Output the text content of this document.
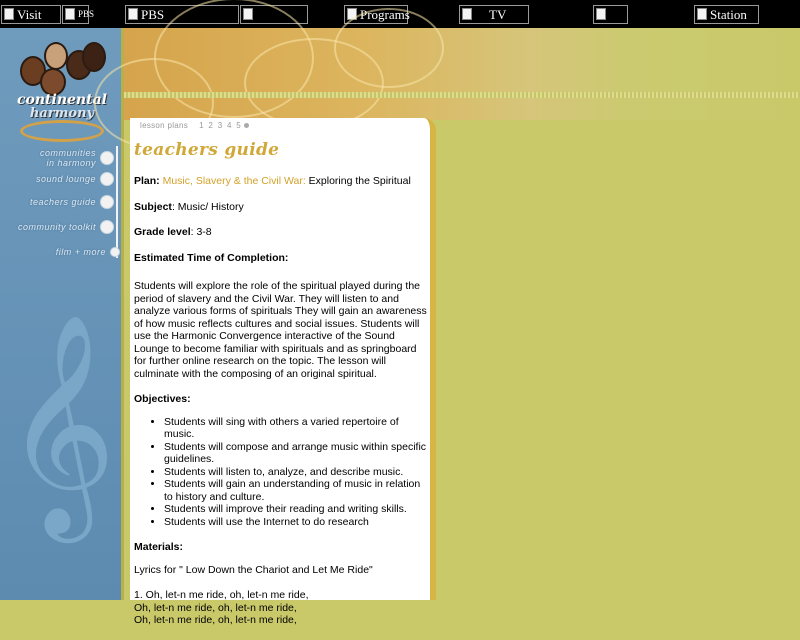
Visit	PBS	PBS	Programs	TV	Station
𝄞
continental
harmony
communities
in harmony
sound lounge
teachers guide
community toolkit
film + more
lesson plans 1 2 3 4 5
teachers guide

Plan: Music, Slavery & the Civil War: Exploring the Spiritual

Subject: Music/ History

Grade level: 3-8

Estimated Time of Completion:

Students will explore the role of the spiritual played during the period of slavery and the Civil War. They will listen to and analyze various forms of spirituals They will gain an awareness of how music reflects cultures and social issues. Students will use the Harmonic Convergence interactive of the Sound Lounge to become familiar with spirituals and as springboard for further online research on the topic. The lesson will culminate with the composing of an original spiritual.

Objectives:

• Students will sing with others a varied repertoire of music.
• Students will compose and arrange music within specific guidelines.
• Students will listen to, analyze, and describe music.
• Students will gain an understanding of music in relation to history and culture.
• Students will improve their reading and writing skills.
• Students will use the Internet to do research

Materials:

Lyrics for " Low Down the Chariot and Let Me Ride"

1. Oh, let-n me ride, oh, let-n me ride,
Oh, let-n me ride, oh, let-n me ride,
Oh, let-n me ride, oh, let-n me ride,
